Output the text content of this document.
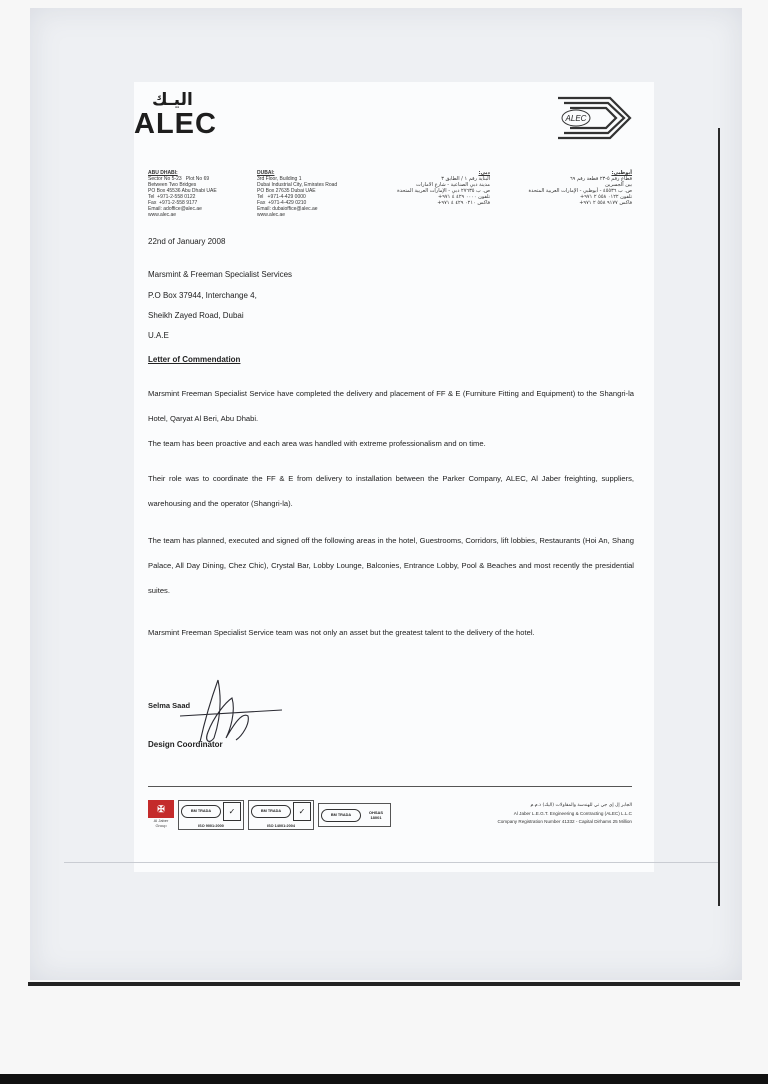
اليـك
ALEC	ALEC

ABU DHABI:
Sector No 5-23   Plot No 69
Between Two Bridges
PO Box 45536 Abu Dhabi UAE
Tel  +971-2-558 0122
Fax  +971-2-558 9177
Email: adoffice@alec.ae
www.alec.ae

DUBAI:
3rd Floor, Building 1
Dubai Industrial City, Emirates Road
PO Box 27635 Dubai UAE
Tel   +971-4-429 0000
Fax  +971-4-429 0210
Email: dubaioffice@alec.ae
www.alec.ae

دبي:
البناية رقم ١ / الطابق ٣
مدينة دبي الصناعية - شارع الامارات
ص. ب ٢٧٦٣٥ دبي - الإمارات العربية المتحدة
تلفون ٠٠٠٠ ٤٢٩ ٤ ٩٧١+
فاكس ٠٢١٠ ٤٢٩ ٤ ٩٧١+

أبوظبي:
قطاع رقم ٥-٢٣ قطعة رقم ٦٩
بين الجسرين
ص. ب ٤٥٥٣٦ - أبوظبي - الإمارات العربية المتحدة
تلفون ٠١٢٢ ٥٥٨ ٢ ٩٧١+
فاكس ٩١٧٧ ٥٥٨ ٢ ٩٧١+

22nd of January 2008
Marsmint & Freeman Specialist Services
P.O Box 37944, Interchange 4,
Sheikh Zayed Road, Dubai
U.A.E
Letter of Commendation
Marsmint Freeman Specialist Service have completed the delivery and placement of FF & E (Furniture Fitting and Equipment) to the Shangri-la Hotel, Qaryat Al Beri, Abu Dhabi.
The team has been proactive and each area was handled with extreme professionalism and on time.
Their role was to coordinate the FF & E from delivery to installation between the Parker Company, ALEC, Al Jaber freighting, suppliers, warehousing and the operator (Shangri-la).
The team has planned, executed and signed off the following areas in the hotel, Guestrooms, Corridors, lift lobbies, Restaurants (Hoi An, Shang Palace, All Day Dining, Chez Chic), Crystal Bar, Lobby Lounge, Balconies, Entrance Lobby, Pool & Beaches and most recently the presidential suites.
Marsmint Freeman Specialist Service team was not only an asset but the greatest talent to the delivery of the hotel.
Selma Saad
Design Coordinator
✠
Al Jaber Group
BM TRADA	✓
ISO 9001:2000
BM TRADA	✓
ISO 14001:2004
BM TRADA	OHSAS 18001
الجابر إل إي جي تي للهندسة والمقاولات (اليك) ذ.م.م
Al Jaber L.E.G.T. Engineering & Contracting (ALEC) L.L.C
Company Registration Number 41332 - Capital Dirhams 25 Million
